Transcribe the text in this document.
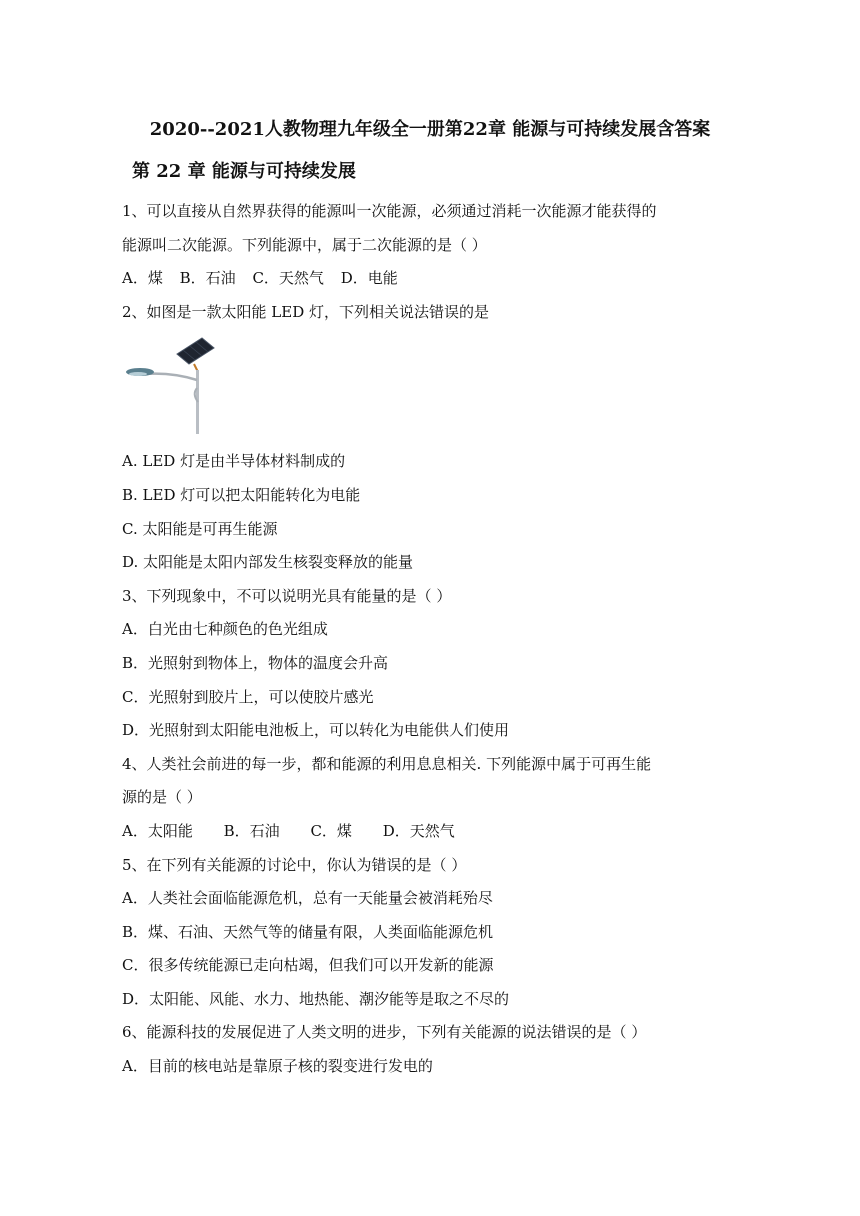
2020--2021人教物理九年级全一册第22章 能源与可持续发展含答案
第 22 章 能源与可持续发展
1、可以直接从自然界获得的能源叫一次能源，必须通过消耗一次能源才能获得的
能源叫二次能源。下列能源中，属于二次能源的是（ ）
A．煤 B．石油 C．天然气 D．电能
2、如图是一款太阳能 LED 灯，下列相关说法错误的是
A. LED 灯是由半导体材料制成的
B. LED 灯可以把太阳能转化为电能
C. 太阳能是可再生能源
D. 太阳能是太阳内部发生核裂变释放的能量
3、下列现象中，不可以说明光具有能量的是（ ）
A．白光由七种颜色的色光组成
B．光照射到物体上，物体的温度会升高
C．光照射到胶片上，可以使胶片感光
D．光照射到太阳能电池板上，可以转化为电能供人们使用
4、人类社会前进的每一步，都和能源的利用息息相关. 下列能源中属于可再生能
源的是（ ）
A．太阳能 B．石油 C．煤 D．天然气
5、在下列有关能源的讨论中，你认为错误的是（ ）
A．人类社会面临能源危机，总有一天能量会被消耗殆尽
B．煤、石油、天然气等的储量有限，人类面临能源危机
C．很多传统能源已走向枯竭，但我们可以开发新的能源
D．太阳能、风能、水力、地热能、潮汐能等是取之不尽的
6、能源科技的发展促进了人类文明的进步，下列有关能源的说法错误的是（ ）
A．目前的核电站是靠原子核的裂变进行发电的
